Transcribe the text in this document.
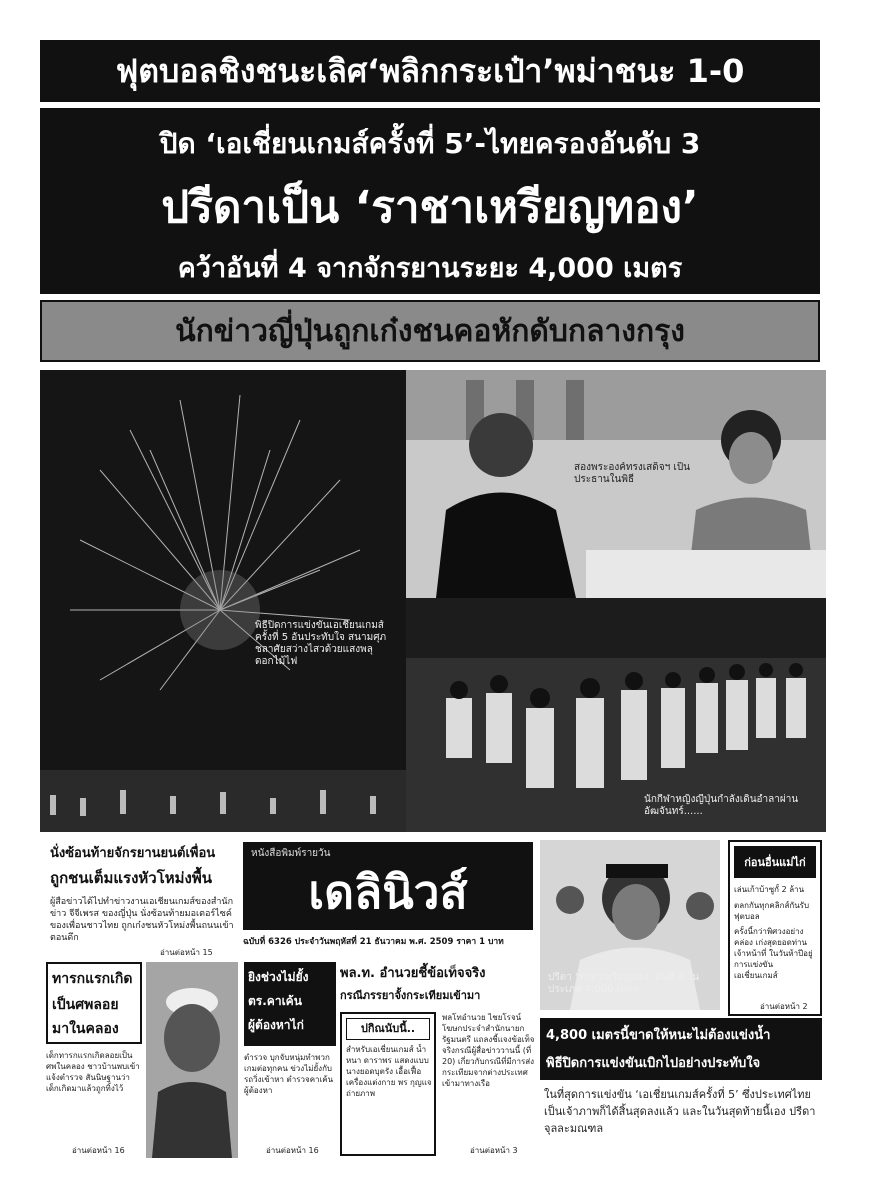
ฟุตบอลชิงชนะเลิศ‘พลิกกระเป๋า’พม่าชนะ 1-0
ปิด ‘เอเชี่ยนเกมส์ครั้งที่ 5’-ไทยครองอันดับ 3
ปรีดาเป็น ‘ราชาเหรียญทอง’
คว้าอันที่ 4 จากจักรยานระยะ 4,000 เมตร
นักข่าวญี่ปุ่นถูกเก๋งชนคอหักดับกลางกรุง
พิธีปิดการแข่งขันเอเชี่ยนเกมส์ครั้งที่ 5 อันประทับใจ สนามศุภชลาศัยสว่างไสวด้วยแสงพลุ ดอกไม้ไฟ
สองพระองค์ทรงเสด็จฯ เป็นประธานในพิธี
นักกีฬาหญิงญี่ปุ่นกำลังเดินอำลาผ่านอัฒจันทร์......
นั่งซ้อนท้ายจักรยานยนต์เพื่อน
ถูกชนเต็มแรงหัวโหม่งพื้น
ผู้สื่อข่าวได้ไปทำข่าวงานเอเชี่ยนเกมส์ของสำนักข่าว จีจีเพรส ของญี่ปุ่น นั่งซ้อนท้ายมอเตอร์ไซค์ของเพื่อนชาวไทย ถูกเก๋งชนหัวโหม่งพื้นถนนเข้าตอนดึก
อ่านต่อหน้า 15
หนังสือพิมพ์รายวัน
เดลินิวส์
ฉบับที่ 6326 ประจำวันพฤหัสที่ 21 ธันวาคม พ.ศ. 2509 ราคา 1 บาท
ปรีดา ‘ราชาเหรียญทอง’ อันที่ 4 ในประเภท 4,000 เมตร
ก่อนอื่นแม่ไก่
เล่นเก้าบ้าซูกั้ 2 ล้าน
ตลกกันทุกคลิกส์กันรับฟุตบอล
ครั้งนี้กว่าพิศวงอย่างคล่อง เก่งสุดยอดท่านเจ้าหน้าที่ ในวันห้าปีอยู่การแข่งขัน เอเชี่ยนเกมส์
อ่านต่อหน้า 2
ทารกแรกเกิด
เป็นศพลอย
มาในคลอง
เด็กทารกแรกเกิดลอยเป็นศพในคลอง ชาวบ้านพบเข้าแจ้งตำรวจ สันนิษฐานว่าเด็กเกิดมาแล้วถูกทิ้งไว้
อ่านต่อหน้า 16
ยิงช่วงไม่ยั้ง
ตร.คาเค้น
ผู้ต้องหาไก่
ตำรวจ บุกจับหนุ่มทำพวกเกมต่อทุกคน ข่วงไม่ยั้งกับรถวิ่งเข้าหา ตำรวจคาเค้นผู้ต้องหา
อ่านต่อหน้า 16
พล.ท. อำนวยชี้ข้อเท็จจริง
กรณีภรรยาจั้งกระเทียมเข้ามา
ปกิณนับนี้..
สำหรับเอเชี่ยนเกมส์ น้ำหนา ดาราพร แสดงแบบ นางยอดบุตรัง เอื้อเฟื้อเครื่องแต่งกาย พร กุญแจ ถ่ายภาพ
พลโทอำนวย ไชยโรจน์ โฆษกประจำสำนักนายกรัฐมนตรี แถลงชี้แจงข้อเท็จจริงกรณีผู้สื่อข่าววานนี้ (ที่ 20) เกี่ยวกับกรณีที่มีการส่งกระเทียมจากต่างประเทศ เข้ามาทางเรือ
อ่านต่อหน้า 3
4,800 เมตรนี้ขาดให้หนะไม่ต้องแข่งน้ำ
พิธีปิดการแข่งขันเบิกไปอย่างประทับใจ
ในที่สุดการแข่งขัน ‘เอเชี่ยนเกมส์ครั้งที่ 5’ ซึ่งประเทศไทยเป็นเจ้าภาพก็ได้สิ้นสุดลงแล้ว และในวันสุดท้ายนี้เอง ปรีดา จุลละมณฑล
